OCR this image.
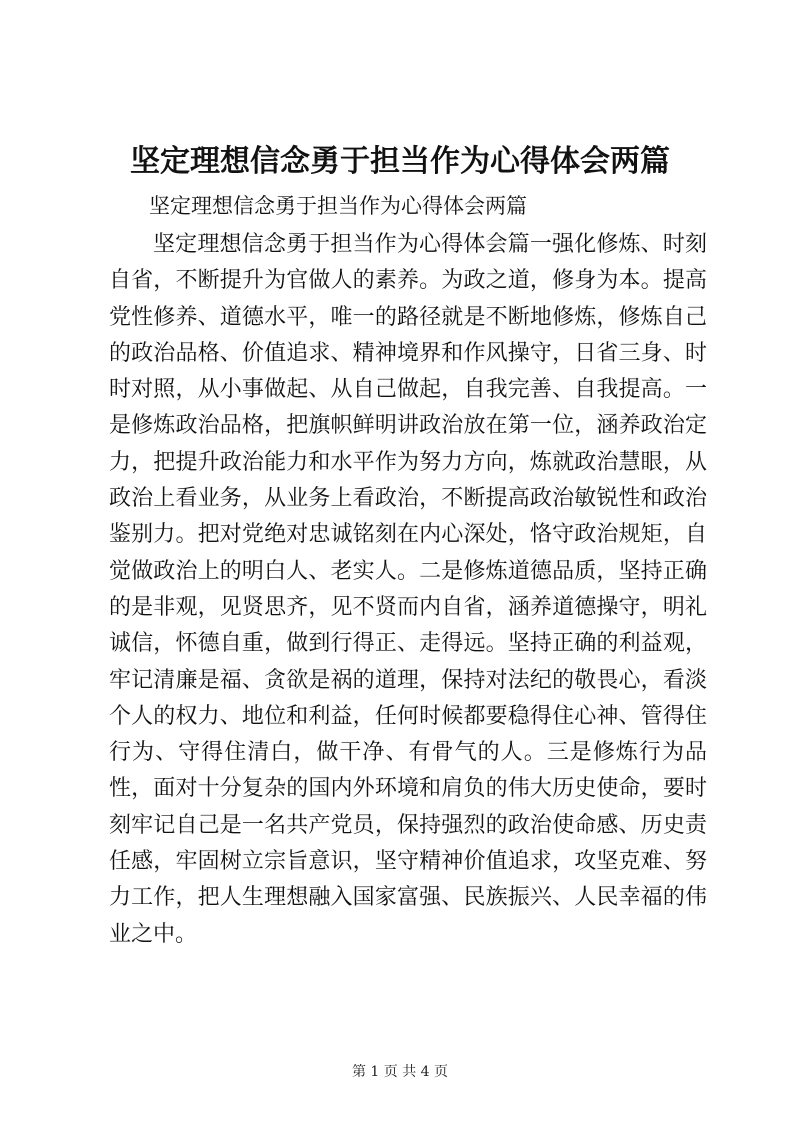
坚定理想信念勇于担当作为心得体会两篇

坚定理想信念勇于担当作为心得体会两篇

坚定理想信念勇于担当作为心得体会篇一强化修炼、时刻自省，不断提升为官做人的素养。为政之道，修身为本。提高党性修养、道德水平，唯一的路径就是不断地修炼，修炼自己的政治品格、价值追求、精神境界和作风操守，日省三身、时时对照，从小事做起、从自己做起，自我完善、自我提高。一是修炼政治品格，把旗帜鲜明讲政治放在第一位，涵养政治定力，把提升政治能力和水平作为努力方向，炼就政治慧眼，从政治上看业务，从业务上看政治，不断提高政治敏锐性和政治鉴别力。把对党绝对忠诚铭刻在内心深处，恪守政治规矩，自觉做政治上的明白人、老实人。二是修炼道德品质，坚持正确的是非观，见贤思齐，见不贤而内自省，涵养道德操守，明礼诚信，怀德自重，做到行得正、走得远。坚持正确的利益观，牢记清廉是福、贪欲是祸的道理，保持对法纪的敬畏心，看淡个人的权力、地位和利益，任何时候都要稳得住心神、管得住行为、守得住清白，做干净、有骨气的人。三是修炼行为品性，面对十分复杂的国内外环境和肩负的伟大历史使命，要时刻牢记自己是一名共产党员，保持强烈的政治使命感、历史责任感，牢固树立宗旨意识，坚守精神价值追求，攻坚克难、努力工作，把人生理想融入国家富强、民族振兴、人民幸福的伟业之中。

第 1 页 共 4 页
